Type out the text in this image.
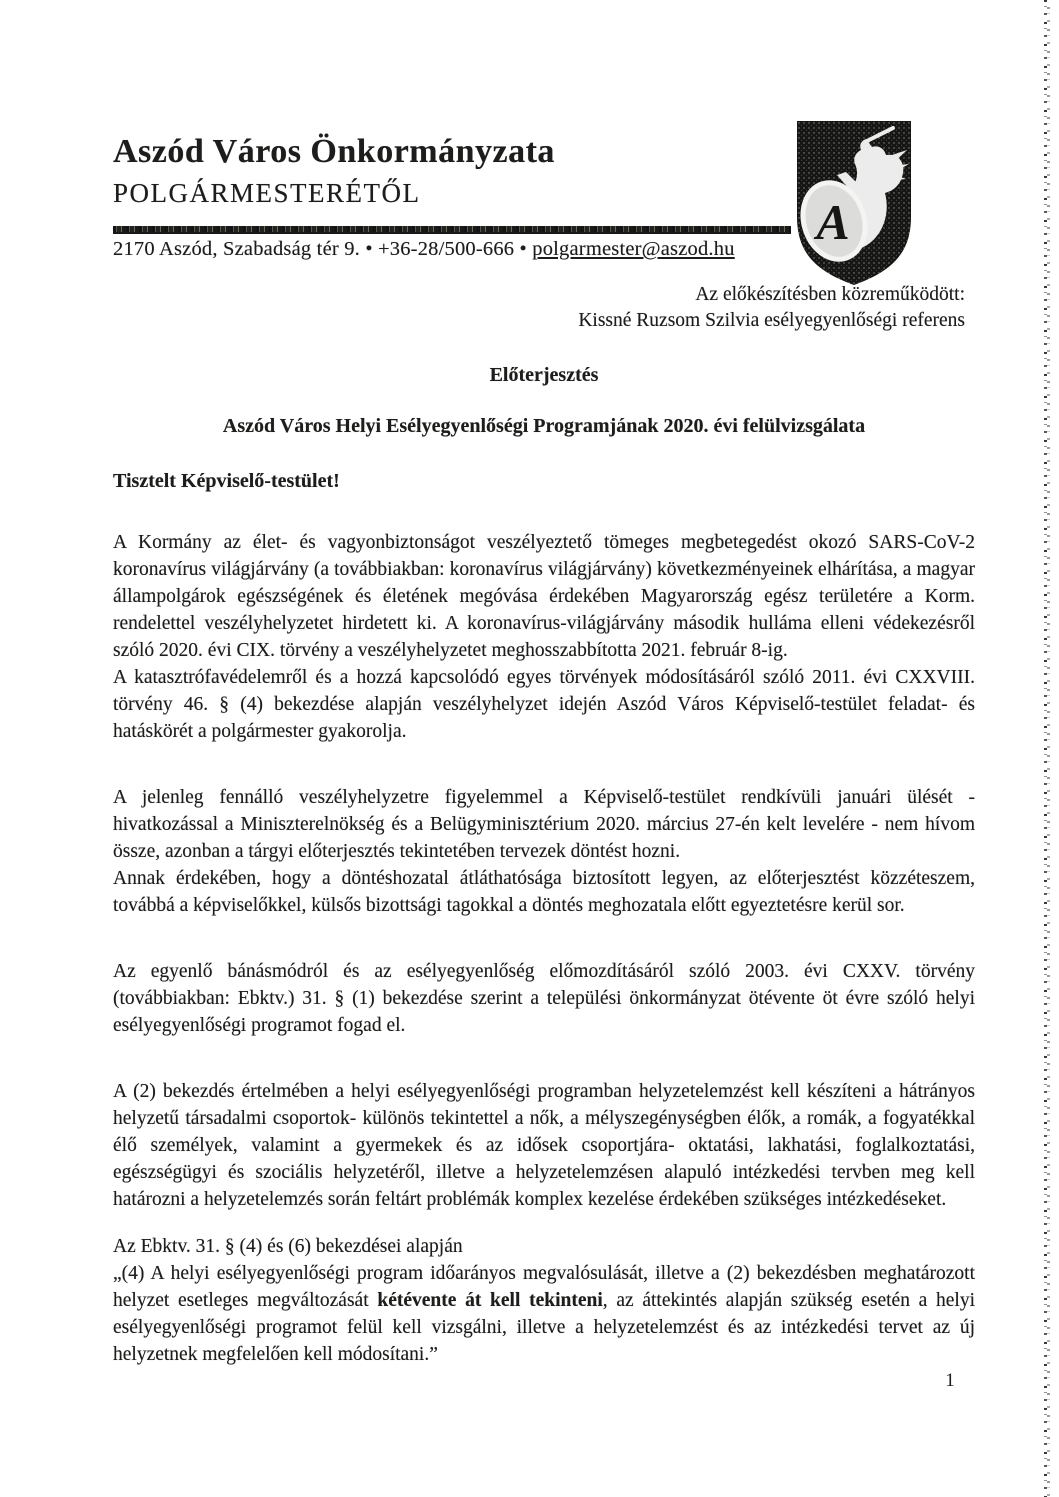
A
Aszód Város Önkormányzata
POLGÁRMESTERÉTŐL
2170 Aszód, Szabadság tér 9. • +36-28/500-666 • polgarmester@aszod.hu
Az előkészítésben közreműködött:
Kissné Ruzsom Szilvia esélyegyenlőségi referens
Előterjesztés
Aszód Város Helyi Esélyegyenlőségi Programjának 2020. évi felülvizsgálata
Tisztelt Képviselő-testület!

A Kormány az élet- és vagyonbiztonságot veszélyeztető tömeges megbetegedést okozó SARS-CoV-2 koronavírus világjárvány (a továbbiakban: koronavírus világjárvány) következményeinek elhárítása, a magyar állampolgárok egészségének és életének megóvása érdekében Magyarország egész területére a Korm. rendelettel veszélyhelyzetet hirdetett ki. A koronavírus-világjárvány második hulláma elleni védekezésről szóló 2020. évi CIX. törvény a veszélyhelyzetet meghosszabbította 2021. február 8-ig.

A katasztrófavédelemről és a hozzá kapcsolódó egyes törvények módosításáról szóló 2011. évi CXXVIII. törvény 46. § (4) bekezdése alapján veszélyhelyzet idején Aszód Város Képviselő-testület feladat- és hatáskörét a polgármester gyakorolja.

A jelenleg fennálló veszélyhelyzetre figyelemmel a Képviselő-testület rendkívüli januári ülését - hivatkozással a Miniszterelnökség és a Belügyminisztérium 2020. március 27-én kelt levelére - nem hívom össze, azonban a tárgyi előterjesztés tekintetében tervezek döntést hozni.

Annak érdekében, hogy a döntéshozatal átláthatósága biztosított legyen, az előterjesztést közzéteszem, továbbá a képviselőkkel, külsős bizottsági tagokkal a döntés meghozatala előtt egyeztetésre kerül sor.

Az egyenlő bánásmódról és az esélyegyenlőség előmozdításáról szóló 2003. évi CXXV. törvény (továbbiakban: Ebktv.) 31. § (1) bekezdése szerint a települési önkormányzat ötévente öt évre szóló helyi esélyegyenlőségi programot fogad el.

A (2) bekezdés értelmében a helyi esélyegyenlőségi programban helyzetelemzést kell készíteni a hátrányos helyzetű társadalmi csoportok- különös tekintettel a nők, a mélyszegénységben élők, a romák, a fogyatékkal élő személyek, valamint a gyermekek és az idősek csoportjára- oktatási, lakhatási, foglalkoztatási, egészségügyi és szociális helyzetéről, illetve a helyzetelemzésen alapuló intézkedési tervben meg kell határozni a helyzetelemzés során feltárt problémák komplex kezelése érdekében szükséges intézkedéseket.

Az Ebktv. 31. § (4) és (6) bekezdései alapján

„(4) A helyi esélyegyenlőségi program időarányos megvalósulását, illetve a (2) bekezdésben meghatározott helyzet esetleges megváltozását kétévente át kell tekinteni, az áttekintés alapján szükség esetén a helyi esélyegyenlőségi programot felül kell vizsgálni, illetve a helyzetelemzést és az intézkedési tervet az új helyzetnek megfelelően kell módosítani.”

1
